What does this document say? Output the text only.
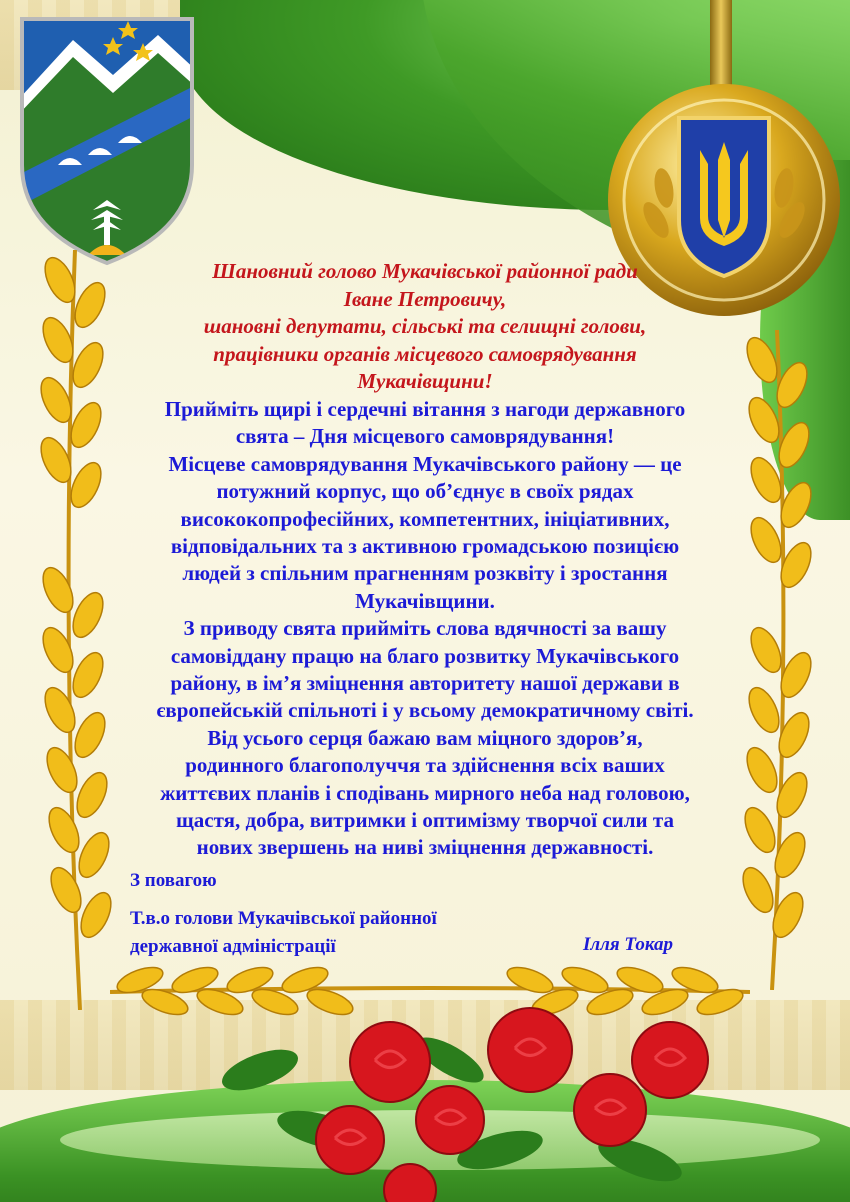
Шановний голово Мукачівської районної ради

Іване Петровичу,

шановні депутати, сільські та селищні голови,

працівники органів місцевого самоврядування

Мукачівщини!

Прийміть щирі і сердечні вітання з нагоди державного

свята – Дня місцевого самоврядування!

Місцеве самоврядування Мукачівського району — це

потужний корпус, що об’єднує в своїх рядах

висококопрофесійних, компетентних, ініціативних,

відповідальних та з активною громадською позицією

людей з спільним прагненням розквіту і зростання

Мукачівщини.

З приводу свята прийміть слова вдячності за вашу

самовіддану працю на благо розвитку Мукачівського

району, в ім’я зміцнення авторитету нашої держави в

європейській спільноті і у всьому демократичному світі.

Від усього серця бажаю вам міцного здоров’я,

родинного благополуччя та здійснення всіх ваших

життєвих планів і сподівань мирного неба над головою,

щастя, добра, витримки і оптимізму творчої сили та

нових звершень на ниві зміцнення державності.

З повагою
Т.в.о голови Мукачівської районної
державної адміністрації	Ілля Токар
